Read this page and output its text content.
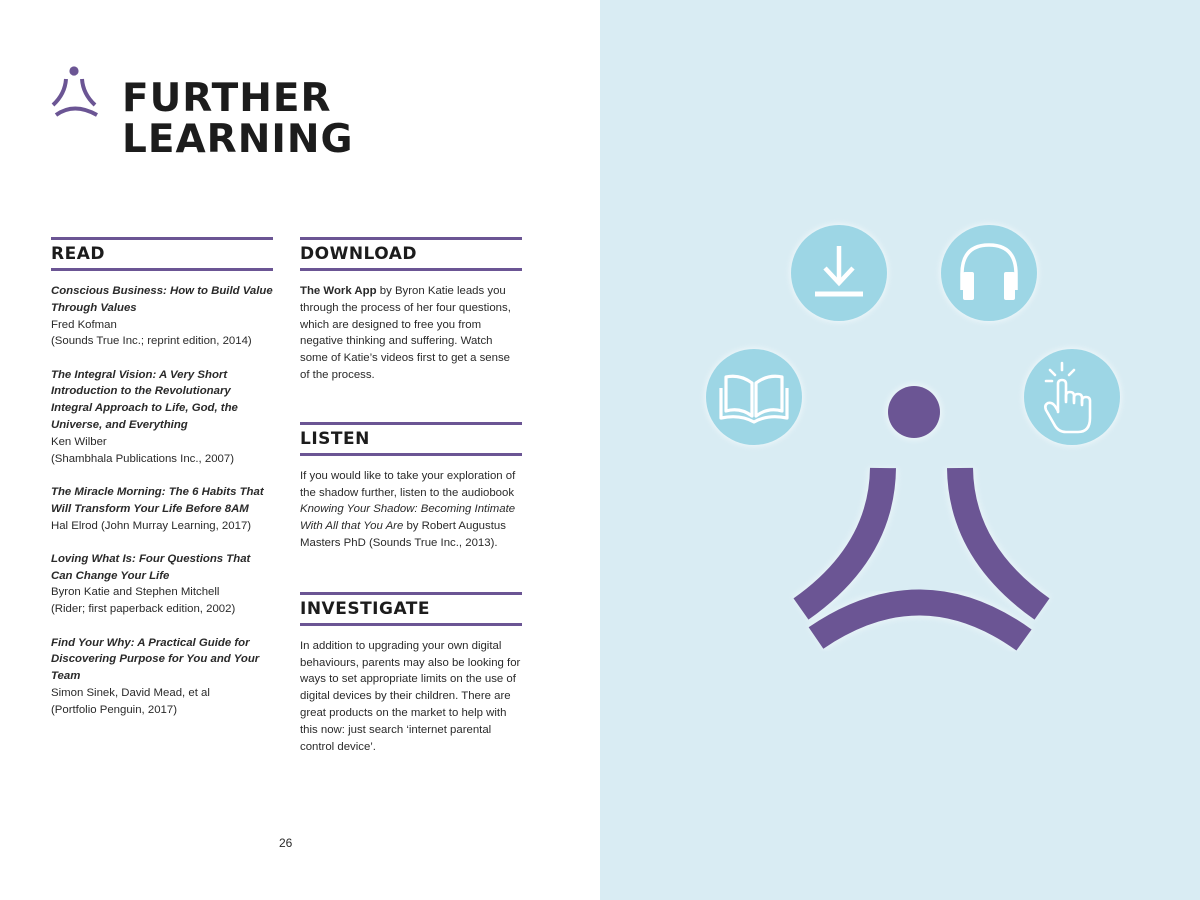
FURTHER
LEARNING
READ
Conscious Business: How to Build Value Through Values
Fred Kofman
(Sounds True Inc.; reprint edition, 2014)
The Integral Vision: A Very Short Introduction to the Revolutionary Integral Approach to Life, God, the Universe, and Everything
Ken Wilber
(Shambhala Publications Inc., 2007)
The Miracle Morning: The 6 Habits That Will Transform Your Life Before 8AM
Hal Elrod (John Murray Learning, 2017)
Loving What Is: Four Questions That Can Change Your Life
Byron Katie and Stephen Mitchell
(Rider; first paperback edition, 2002)
Find Your Why: A Practical Guide for Discovering Purpose for You and Your Team
Simon Sinek, David Mead, et al
(Portfolio Penguin, 2017)
DOWNLOAD
The Work App by Byron Katie leads you through the process of her four questions, which are designed to free you from negative thinking and suffering. Watch some of Katie’s videos first to get a sense of the process.
LISTEN
If you would like to take your exploration of the shadow further, listen to the audiobook Knowing Your Shadow: Becoming Intimate With All that You Are by Robert Augustus Masters PhD (Sounds True Inc., 2013).
INVESTIGATE
In addition to upgrading your own digital behaviours, parents may also be looking for ways to set appropriate limits on the use of digital devices by their children. There are great products on the market to help with this now: just search ‘internet parental control device’.
26
